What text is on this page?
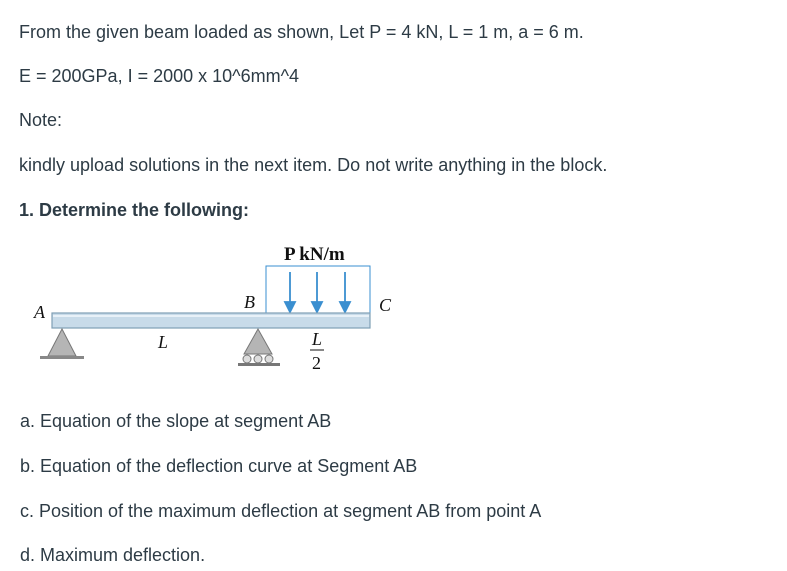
From the given beam loaded as shown, Let P = 4 kN, L = 1 m, a = 6 m.
E = 200GPa, I = 2000 x 10^6mm^4
Note:
kindly upload solutions in the next item. Do not write anything in the block.
1. Determine the following:
P kN/m
A	B	C
L	L
2
a. Equation of the slope at segment AB
b. Equation of the deflection curve at Segment AB
c. Position of the maximum deflection at segment AB from point A
d. Maximum deflection.
